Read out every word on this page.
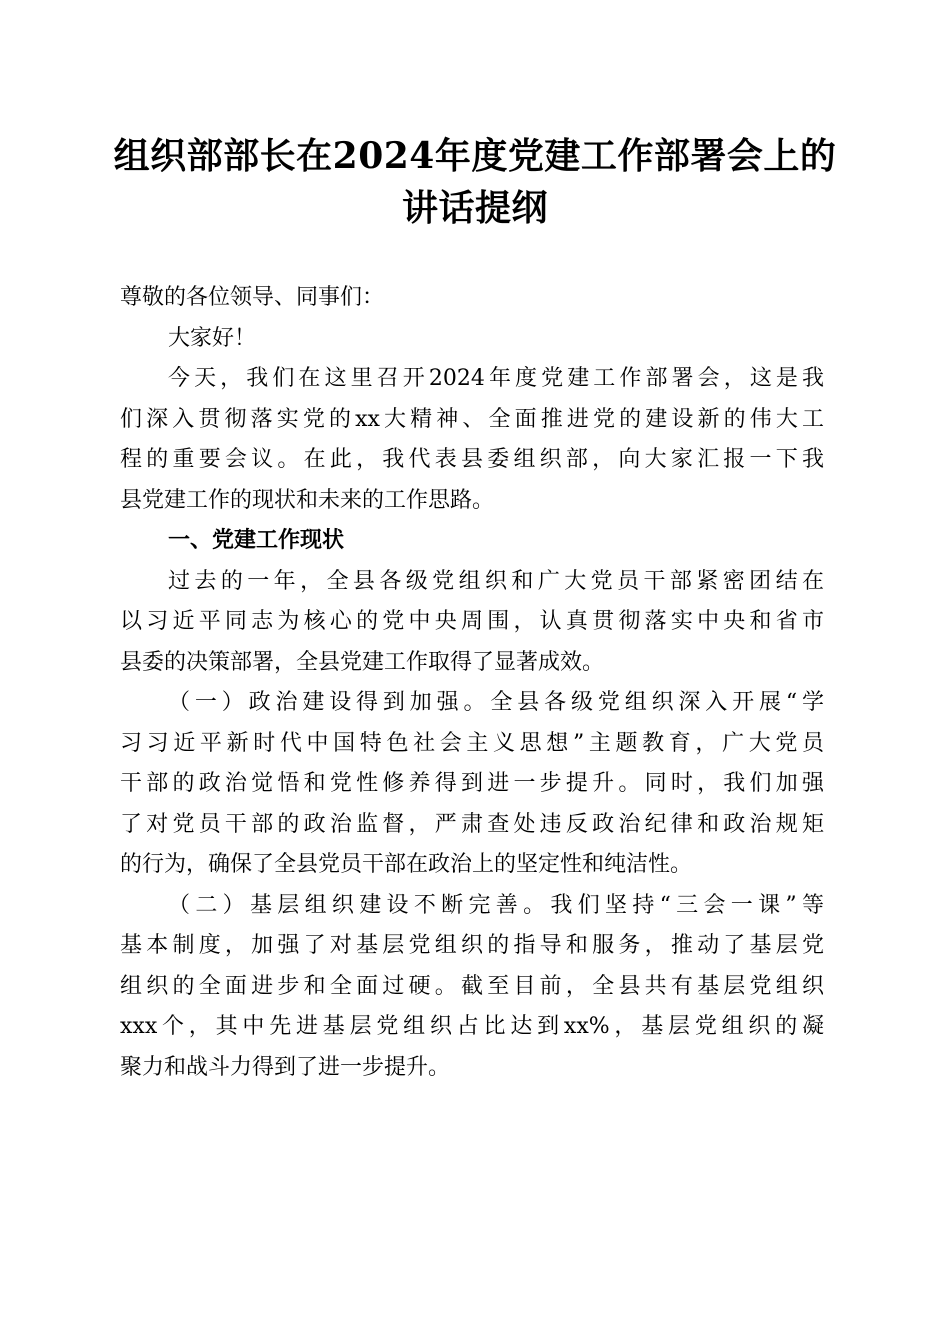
组织部部长在2024年度党建工作部署会上的
讲话提纲
尊敬的各位领导、同事们：
大家好！
今天，我们在这里召开2024年度党建工作部署会，这是我
们深入贯彻落实党的xx大精神、全面推进党的建设新的伟大工
程的重要会议。在此，我代表县委组织部，向大家汇报一下我
县党建工作的现状和未来的工作思路。
一、党建工作现状
过去的一年，全县各级党组织和广大党员干部紧密团结在
以习近平同志为核心的党中央周围，认真贯彻落实中央和省市
县委的决策部署，全县党建工作取得了显著成效。
（一）政治建设得到加强。全县各级党组织深入开展“学
习习近平新时代中国特色社会主义思想”主题教育，广大党员
干部的政治觉悟和党性修养得到进一步提升。同时，我们加强
了对党员干部的政治监督，严肃查处违反政治纪律和政治规矩
的行为，确保了全县党员干部在政治上的坚定性和纯洁性。
（二）基层组织建设不断完善。我们坚持“三会一课”等
基本制度，加强了对基层党组织的指导和服务，推动了基层党
组织的全面进步和全面过硬。截至目前，全县共有基层党组织
xxx个，其中先进基层党组织占比达到xx%，基层党组织的凝
聚力和战斗力得到了进一步提升。
